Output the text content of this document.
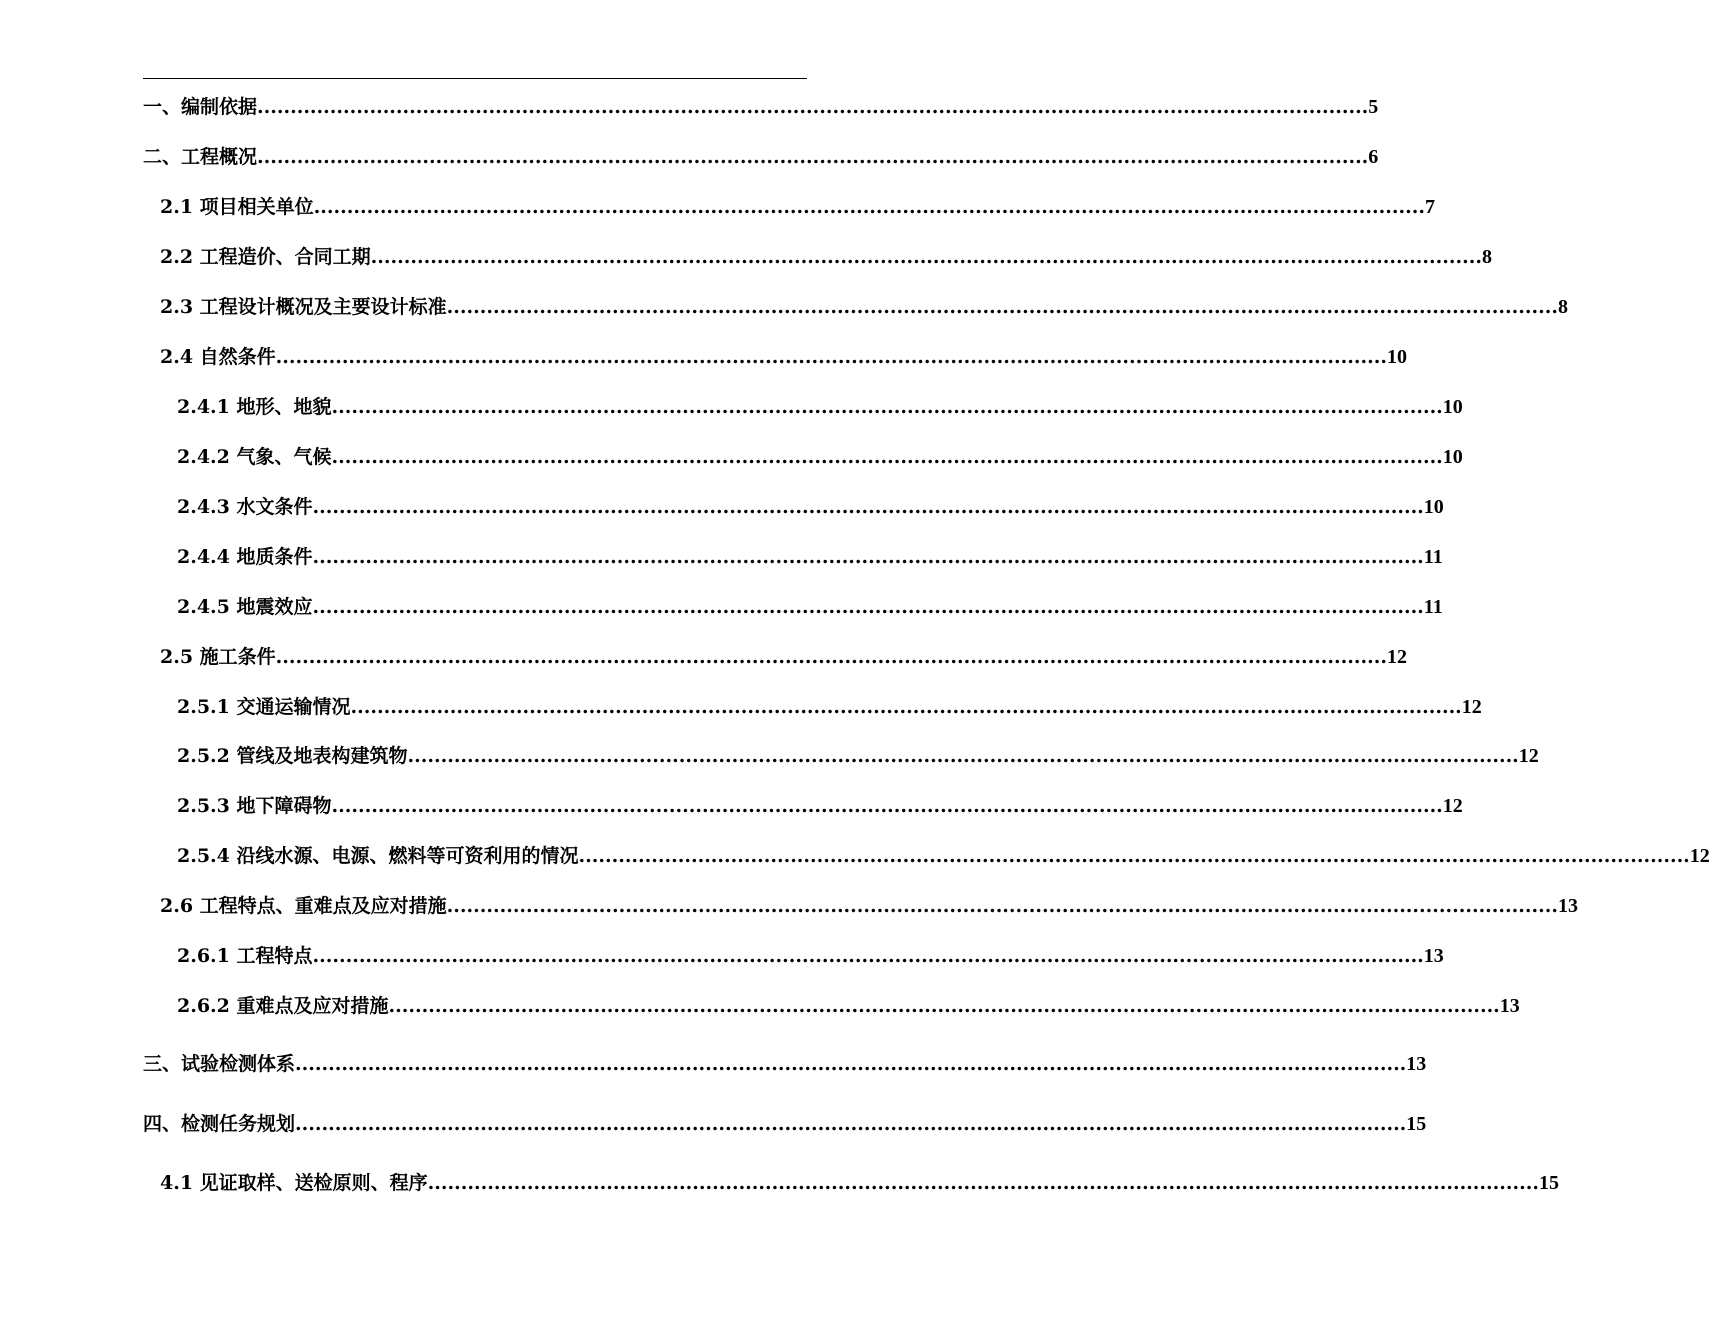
一、编制依据 ........................................................................................................................................................................ 5
二、工程概况 ........................................................................................................................................................................ 6
2.1 项目相关单位 ........................................................................................................................................................................ 7
2.2 工程造价、合同工期 ........................................................................................................................................................................ 8
2.3 工程设计概况及主要设计标准 ........................................................................................................................................................................ 8
2.4 自然条件 ........................................................................................................................................................................ 10
2.4.1 地形、地貌 ........................................................................................................................................................................ 10
2.4.2 气象、气候 ........................................................................................................................................................................ 10
2.4.3 水文条件 ........................................................................................................................................................................ 10
2.4.4 地质条件 ........................................................................................................................................................................ 11
2.4.5 地震效应 ........................................................................................................................................................................ 11
2.5 施工条件 ........................................................................................................................................................................ 12
2.5.1 交通运输情况 ........................................................................................................................................................................ 12
2.5.2 管线及地表构建筑物 ........................................................................................................................................................................ 12
2.5.3 地下障碍物 ........................................................................................................................................................................ 12
2.5.4 沿线水源、电源、燃料等可资利用的情况 ........................................................................................................................................................................ 12
2.6 工程特点、重难点及应对措施 ........................................................................................................................................................................ 13
2.6.1 工程特点 ........................................................................................................................................................................ 13
2.6.2 重难点及应对措施 ........................................................................................................................................................................ 13
三、试验检测体系 ........................................................................................................................................................................ 13
四、检测任务规划 ........................................................................................................................................................................ 15
4.1 见证取样、送检原则、程序 ........................................................................................................................................................................ 15
